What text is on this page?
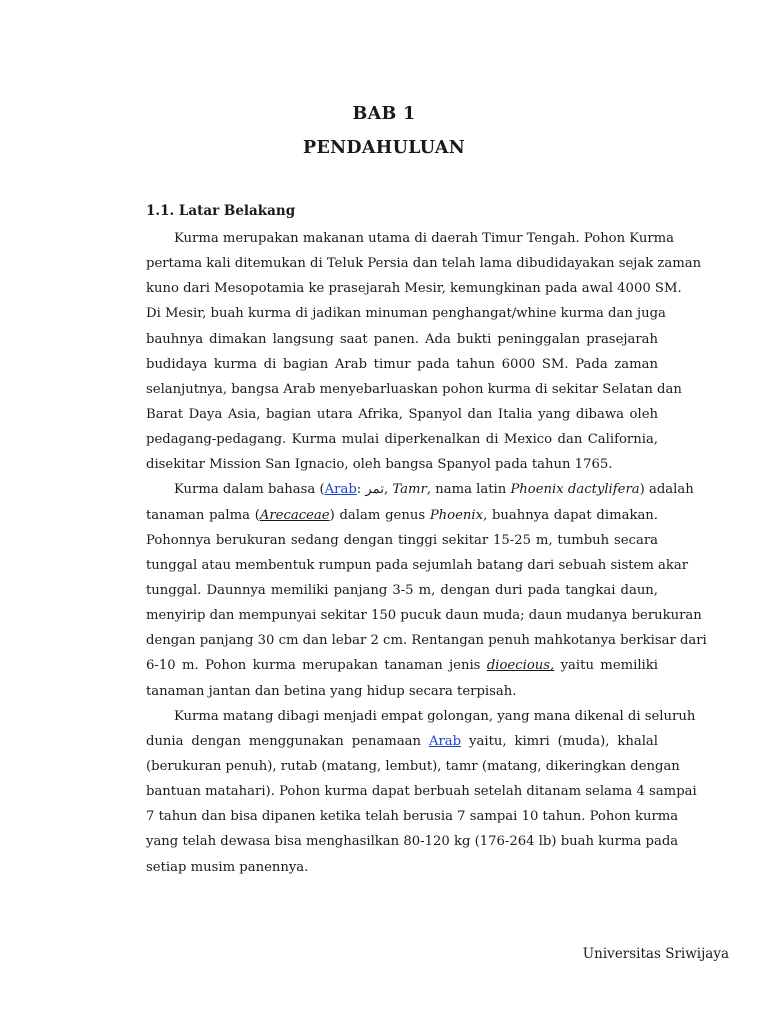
BAB 1
PENDAHULUAN
1.1. Latar Belakang
Kurma merupakan makanan utama di daerah Timur Tengah. Pohon Kurma
pertama kali ditemukan di Teluk Persia dan telah lama dibudidayakan sejak zaman
kuno dari Mesopotamia ke prasejarah Mesir, kemungkinan pada awal 4000 SM.
Di Mesir, buah kurma di jadikan minuman penghangat/whine kurma dan juga
bauhnya dimakan langsung saat panen. Ada bukti peninggalan prasejarah
budidaya kurma di bagian Arab timur pada tahun 6000 SM. Pada zaman
selanjutnya, bangsa Arab menyebarluaskan pohon kurma di sekitar Selatan dan
Barat Daya Asia, bagian utara Afrika, Spanyol dan Italia yang dibawa oleh
pedagang-pedagang. Kurma mulai diperkenalkan di Mexico dan California,
disekitar Mission San Ignacio, oleh bangsa Spanyol pada tahun 1765.
Kurma dalam bahasa (Arab: تمر, Tamr, nama latin Phoenix dactylifera) adalah
tanaman palma (Arecaceae) dalam genus Phoenix, buahnya dapat dimakan.
Pohonnya berukuran sedang dengan tinggi sekitar 15-25 m, tumbuh secara
tunggal atau membentuk rumpun pada sejumlah batang dari sebuah sistem akar
tunggal. Daunnya memiliki panjang 3-5 m, dengan duri pada tangkai daun,
menyirip dan mempunyai sekitar 150 pucuk daun muda; daun mudanya berukuran
dengan panjang 30 cm dan lebar 2 cm. Rentangan penuh mahkotanya berkisar dari
6-10 m. Pohon kurma merupakan tanaman jenis dioecious, yaitu memiliki
tanaman jantan dan betina yang hidup secara terpisah.
Kurma matang dibagi menjadi empat golongan, yang mana dikenal di seluruh
dunia dengan menggunakan penamaan Arab yaitu, kimri (muda), khalal
(berukuran penuh), rutab (matang, lembut), tamr (matang, dikeringkan dengan
bantuan matahari). Pohon kurma dapat berbuah setelah ditanam selama 4 sampai
7 tahun dan bisa dipanen ketika telah berusia 7 sampai 10 tahun. Pohon kurma
yang telah dewasa bisa menghasilkan 80-120 kg (176-264 lb) buah kurma pada
setiap musim panennya.
Universitas Sriwijaya
